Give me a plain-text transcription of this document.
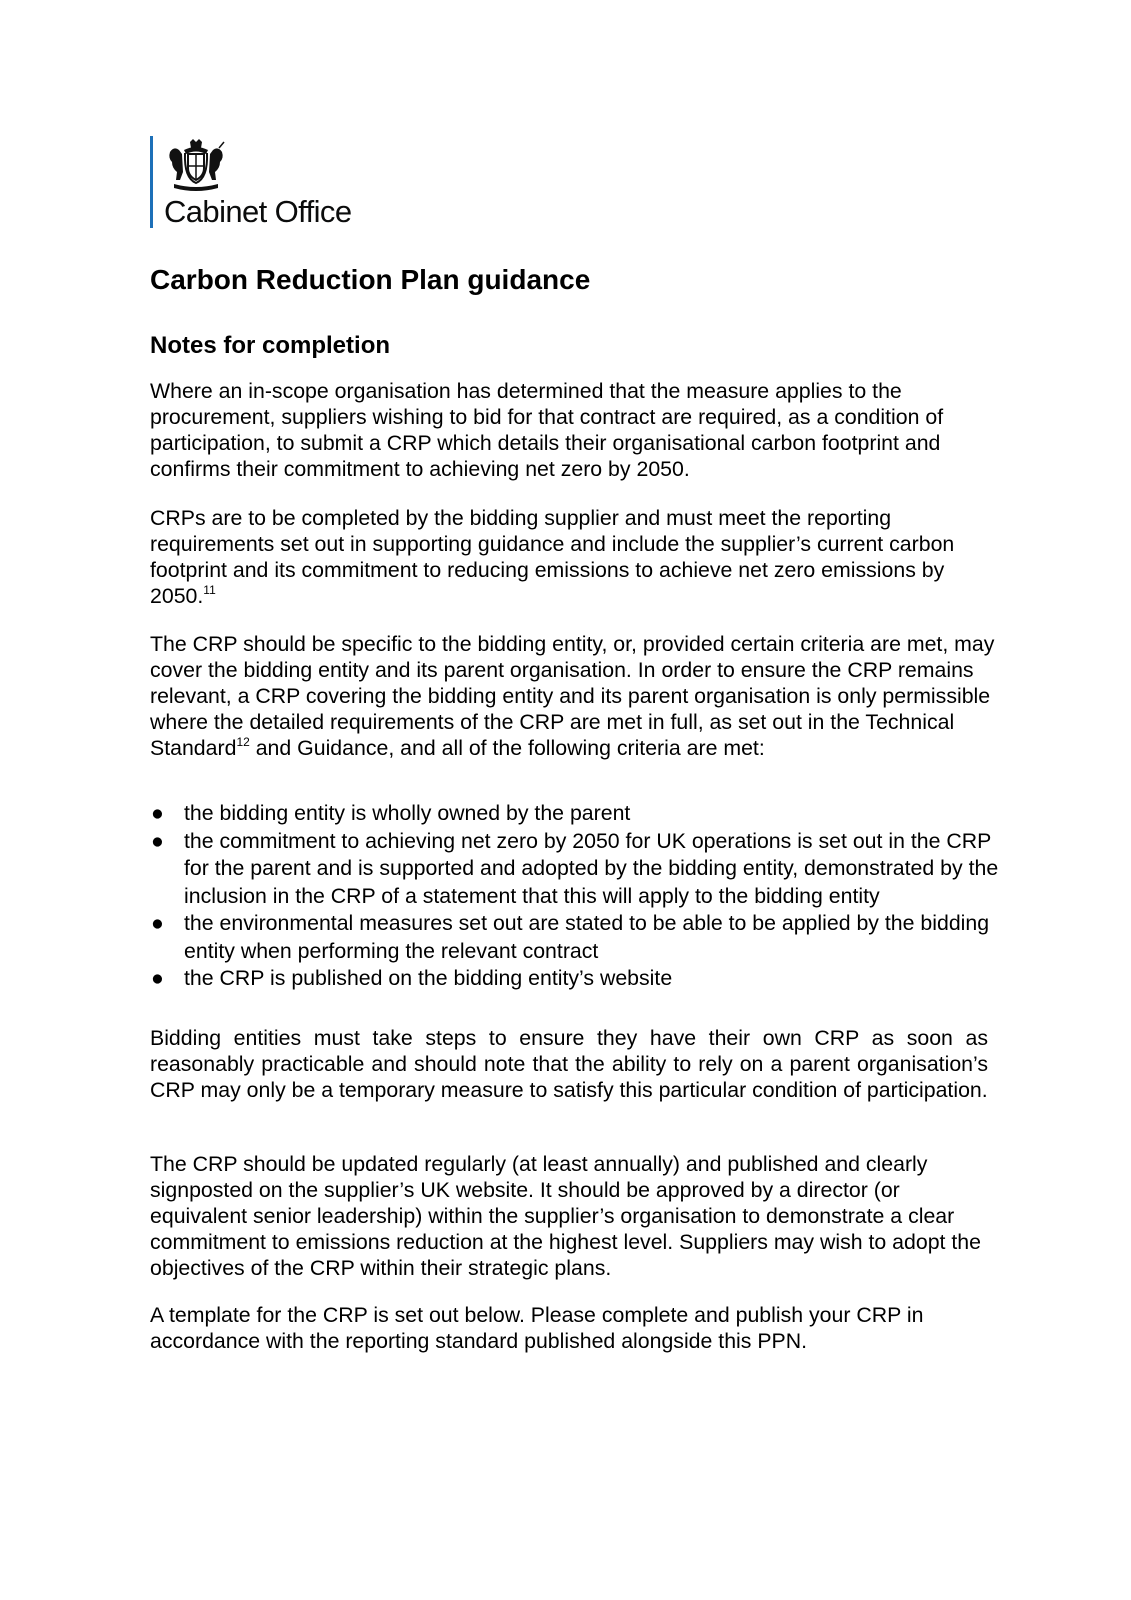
Cabinet Office
Carbon Reduction Plan guidance
Notes for completion

Where an in-scope organisation has determined that the measure applies to the procurement, suppliers wishing to bid for that contract are required, as a condition of participation, to submit a CRP which details their organisational carbon footprint and confirms their commitment to achieving net zero by 2050.

CRPs are to be completed by the bidding supplier and must meet the reporting requirements set out in supporting guidance and include the supplier’s current carbon footprint and its commitment to reducing emissions to achieve net zero emissions by 2050.11

The CRP should be specific to the bidding entity, or, provided certain criteria are met, may cover the bidding entity and its parent organisation. In order to ensure the CRP remains relevant, a CRP covering the bidding entity and its parent organisation is only permissible where the detailed requirements of the CRP are met in full, as set out in the Technical Standard$^{12}$ and Guidance, and all of the following criteria are met:

● the bidding entity is wholly owned by the parent
● the commitment to achieving net zero by 2050 for UK operations is set out in the CRP for the parent and is supported and adopted by the bidding entity, demonstrated by the inclusion in the CRP of a statement that this will apply to the bidding entity
● the environmental measures set out are stated to be able to be applied by the bidding entity when performing the relevant contract
● the CRP is published on the bidding entity’s website

Bidding entities must take steps to ensure they have their own CRP as soon as reasonably practicable and should note that the ability to rely on a parent organisation’s CRP may only be a temporary measure to satisfy this particular condition of participation.

The CRP should be updated regularly (at least annually) and published and clearly signposted on the supplier’s UK website. It should be approved by a director (or equivalent senior leadership) within the supplier’s organisation to demonstrate a clear commitment to emissions reduction at the highest level. Suppliers may wish to adopt the objectives of the CRP within their strategic plans.

A template for the CRP is set out below. Please complete and publish your CRP in accordance with the reporting standard published alongside this PPN.
